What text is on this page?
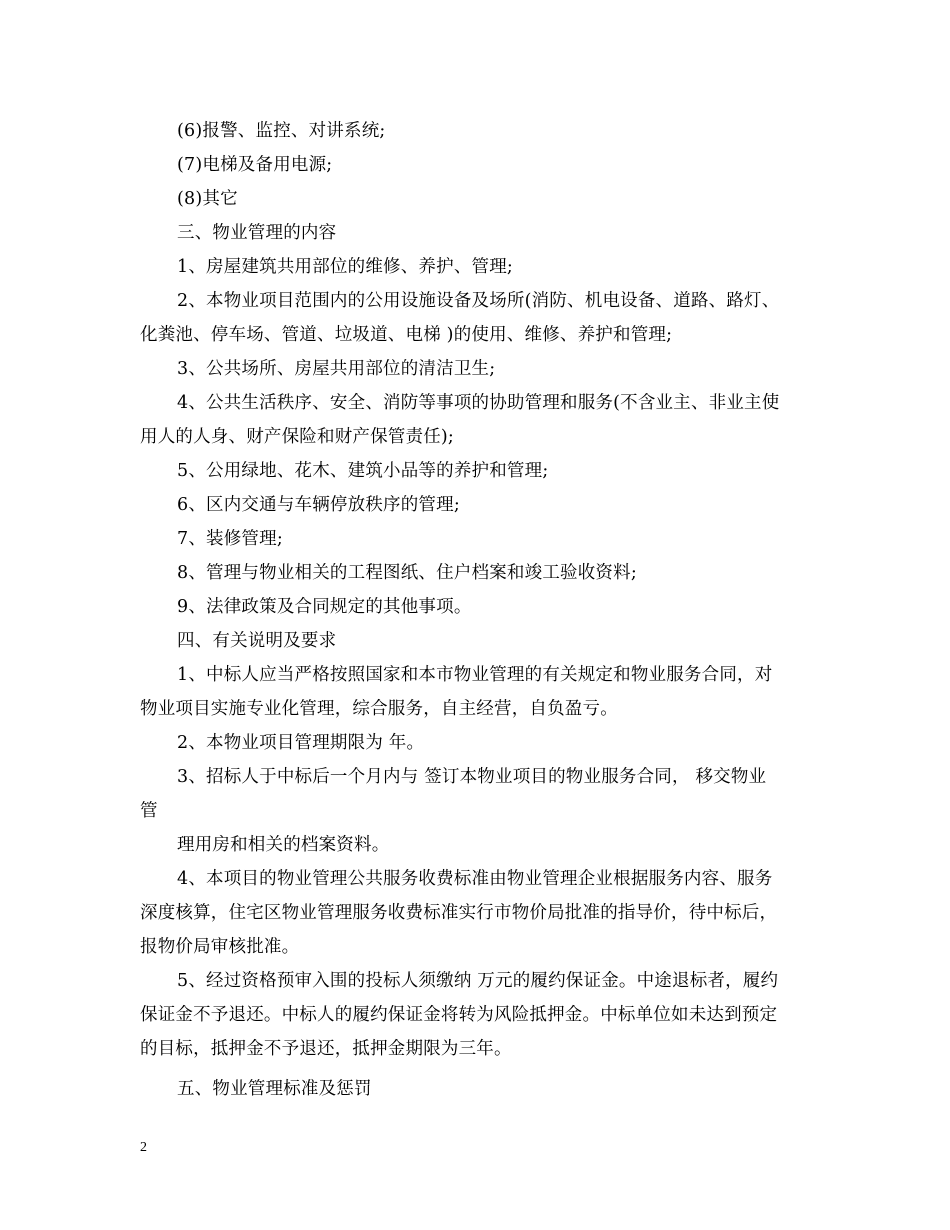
(6)报警、监控、对讲系统;
(7)电梯及备用电源;
(8)其它
三、物业管理的内容
1、房屋建筑共用部位的维修、养护、管理;
2、本物业项目范围内的公用设施设备及场所(消防、机电设备、道路、路灯、
化粪池、停车场、管道、垃圾道、电梯 )的使用、维修、养护和管理;
3、公共场所、房屋共用部位的清洁卫生;
4、公共生活秩序、安全、消防等事项的协助管理和服务(不含业主、非业主使
用人的人身、财产保险和财产保管责任);
5、公用绿地、花木、建筑小品等的养护和管理;
6、区内交通与车辆停放秩序的管理;
7、装修管理;
8、管理与物业相关的工程图纸、住户档案和竣工验收资料;
9、法律政策及合同规定的其他事项。
四、有关说明及要求
1、中标人应当严格按照国家和本市物业管理的有关规定和物业服务合同，对
物业项目实施专业化管理，综合服务，自主经营，自负盈亏。
2、本物业项目管理期限为 年。
3、招标人于中标后一个月内与 签订本物业项目的物业服务合同， 移交物业
管
理用房和相关的档案资料。
4、本项目的物业管理公共服务收费标准由物业管理企业根据服务内容、服务
深度核算，住宅区物业管理服务收费标准实行市物价局批准的指导价，待中标后，
报物价局审核批准。
5、经过资格预审入围的投标人须缴纳 万元的履约保证金。中途退标者，履约
保证金不予退还。中标人的履约保证金将转为风险抵押金。中标单位如未达到预定
的目标，抵押金不予退还，抵押金期限为三年。
五、物业管理标准及惩罚
2
